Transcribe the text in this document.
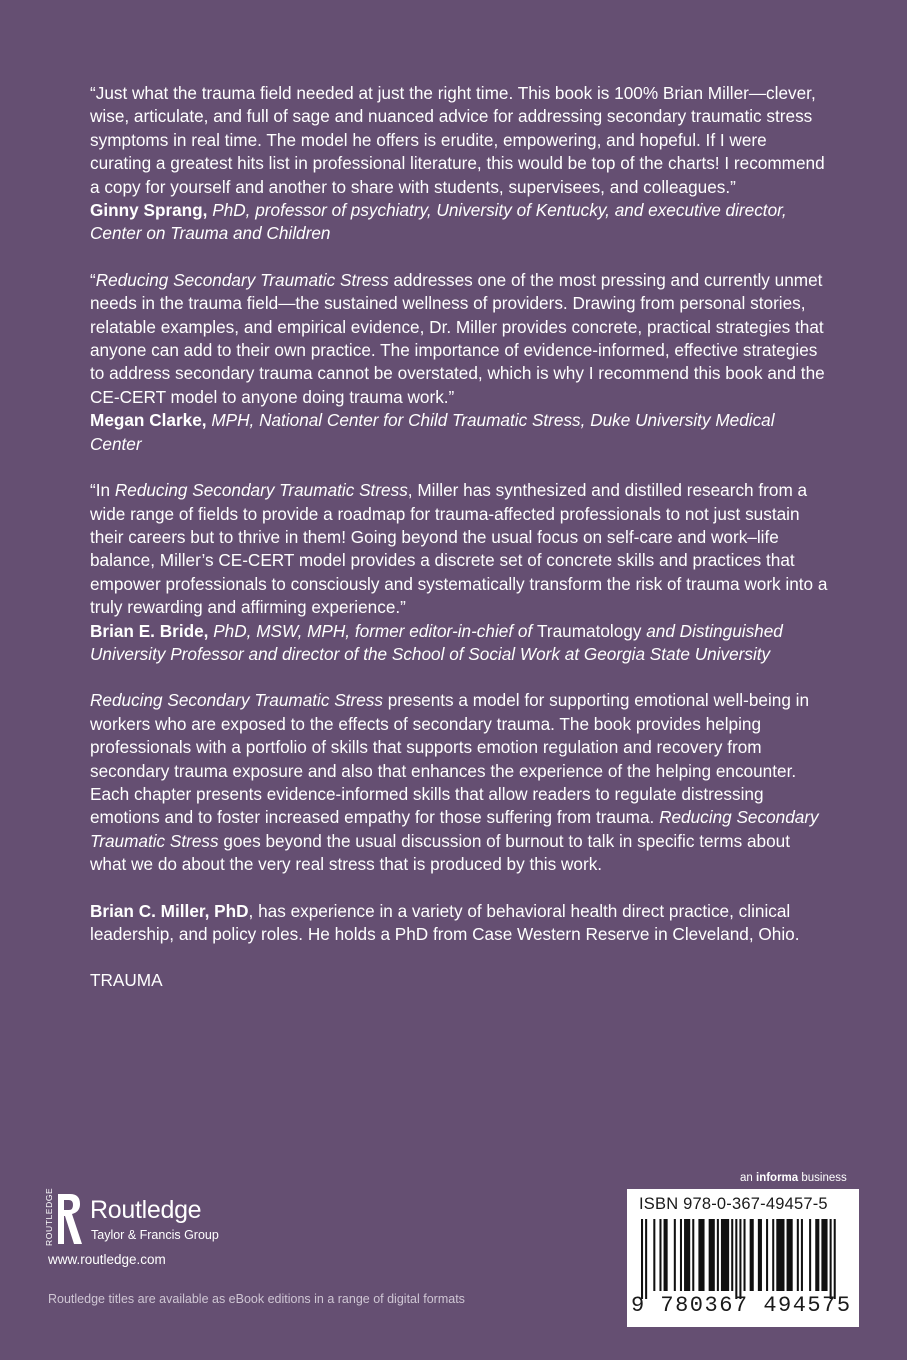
“Just what the trauma field needed at just the right time. This book is 100% Brian Miller—clever, wise, articulate, and full of sage and nuanced advice for addressing secondary traumatic stress symptoms in real time. The model he offers is erudite, empowering, and hopeful. If I were curating a greatest hits list in professional literature, this would be top of the charts! I recommend a copy for yourself and another to share with students, supervisees, and colleagues.”

Ginny Sprang, PhD, professor of psychiatry, University of Kentucky, and executive director, Center on Trauma and Children

“Reducing Secondary Traumatic Stress addresses one of the most pressing and currently unmet needs in the trauma field—the sustained wellness of providers. Drawing from personal stories, relatable examples, and empirical evidence, Dr. Miller provides concrete, practical strategies that anyone can add to their own practice. The importance of evidence-informed, effective strategies to address secondary trauma cannot be overstated, which is why I recommend this book and the CE-CERT model to anyone doing trauma work.”

Megan Clarke, MPH, National Center for Child Traumatic Stress, Duke University Medical Center

“In Reducing Secondary Traumatic Stress, Miller has synthesized and distilled research from a wide range of fields to provide a roadmap for trauma-affected professionals to not just sustain their careers but to thrive in them! Going beyond the usual focus on self-care and work–life balance, Miller’s CE-CERT model provides a discrete set of concrete skills and practices that empower professionals to consciously and systematically transform the risk of trauma work into a truly rewarding and affirming experience.”

Brian E. Bride, PhD, MSW, MPH, former editor-in-chief of Traumatology and Distinguished University Professor and director of the School of Social Work at Georgia State University

Reducing Secondary Traumatic Stress presents a model for supporting emotional well-being in workers who are exposed to the effects of secondary trauma. The book provides helping professionals with a portfolio of skills that supports emotion regulation and recovery from secondary trauma exposure and also that enhances the experience of the helping encounter. Each chapter presents evidence-informed skills that allow readers to regulate distressing emotions and to foster increased empathy for those suffering from trauma. Reducing Secondary Traumatic Stress goes beyond the usual discussion of burnout to talk in specific terms about what we do about the very real stress that is produced by this work.

Brian C. Miller, PhD, has experience in a variety of behavioral health direct practice, clinical leadership, and policy roles. He holds a PhD from Case Western Reserve in Cleveland, Ohio.

TRAUMA

ROUTLEDGE Routledge
Taylor & Francis Group
www.routledge.com
Routledge titles are available as eBook editions in a range of digital formats
an informa business
ISBN 978-0-367-49457-5
9 780367 494575
